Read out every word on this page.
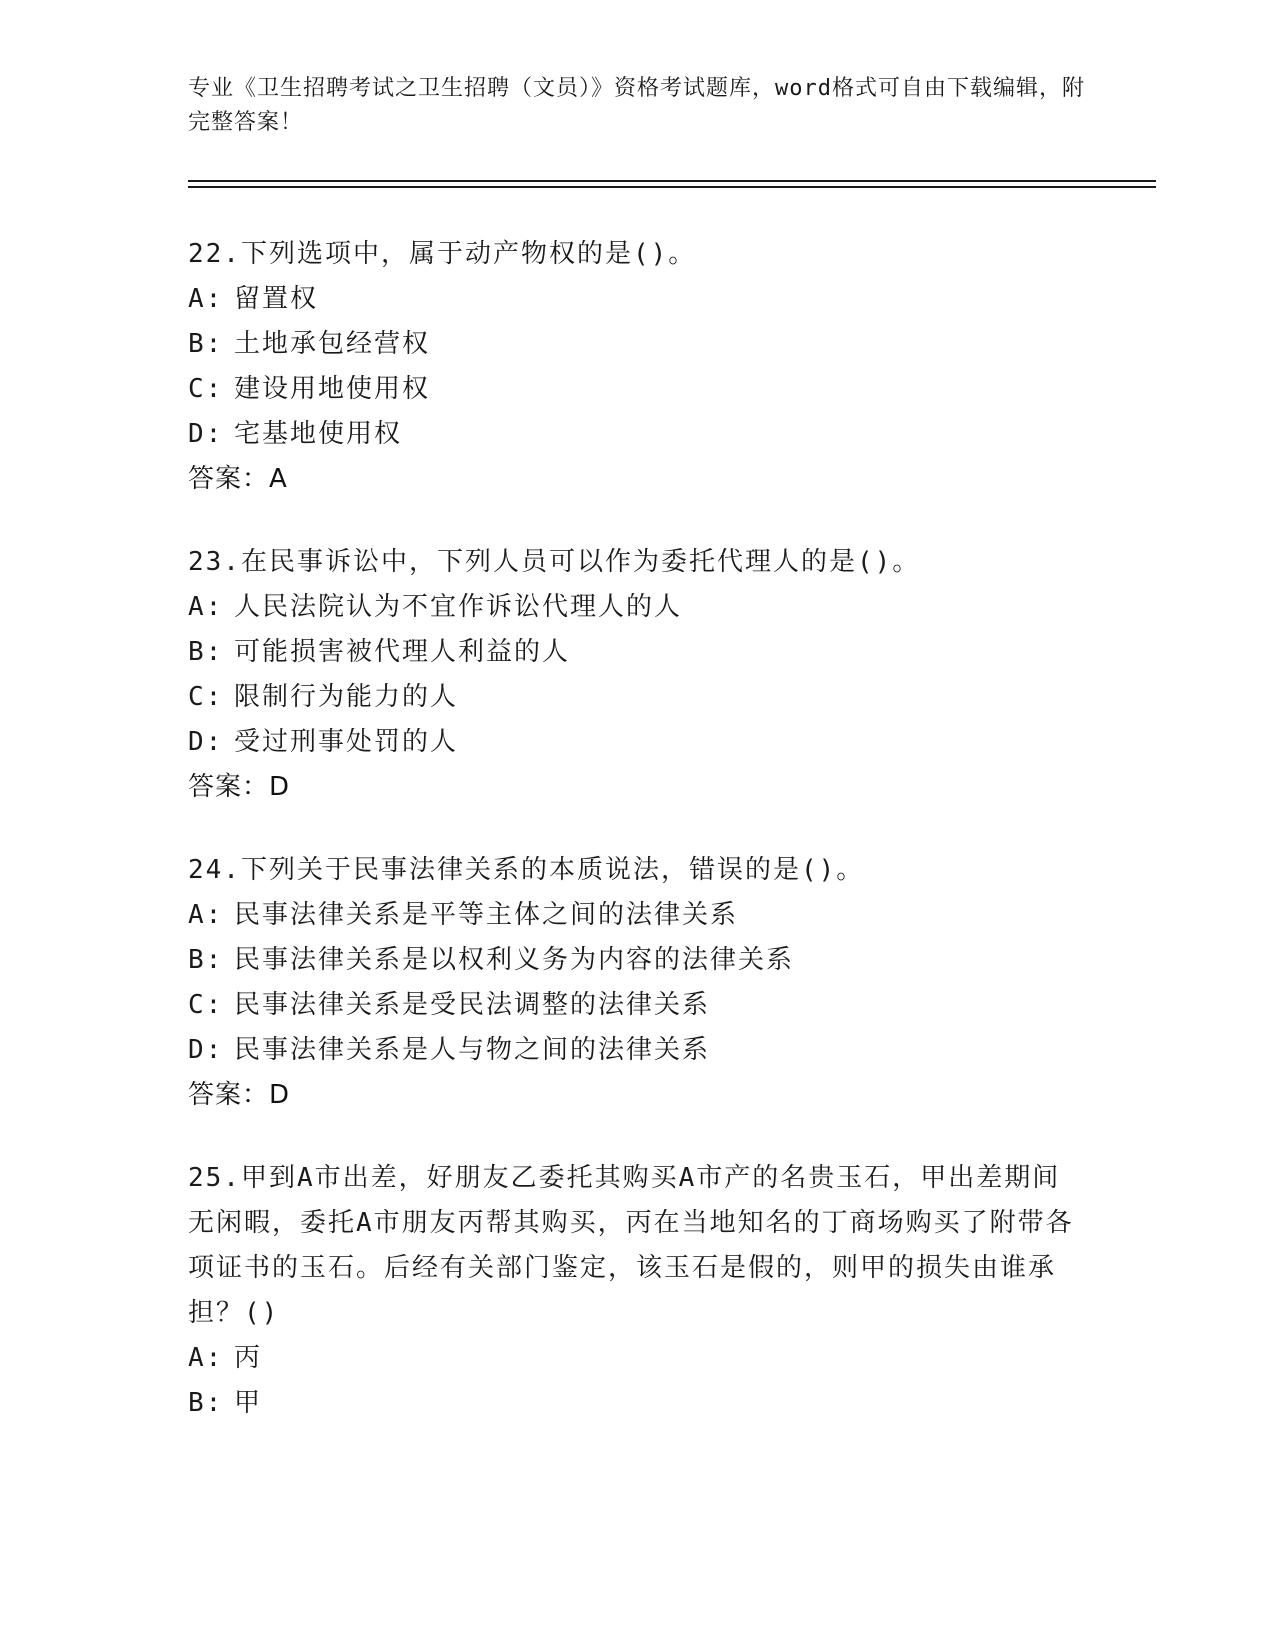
专业《卫生招聘考试之卫生招聘（文员）》资格考试题库，word格式可自由下载编辑，附完整答案！
22.下列选项中，属于动产物权的是()。
A: 留置权
B: 土地承包经营权
C: 建设用地使用权
D: 宅基地使用权
答案：A
23.在民事诉讼中，下列人员可以作为委托代理人的是()。
A: 人民法院认为不宜作诉讼代理人的人
B: 可能损害被代理人利益的人
C: 限制行为能力的人
D: 受过刑事处罚的人
答案：D
24.下列关于民事法律关系的本质说法，错误的是()。
A: 民事法律关系是平等主体之间的法律关系
B: 民事法律关系是以权利义务为内容的法律关系
C: 民事法律关系是受民法调整的法律关系
D: 民事法律关系是人与物之间的法律关系
答案：D
25.甲到A市出差，好朋友乙委托其购买A市产的名贵玉石，甲出差期间无闲暇，委托A市朋友丙帮其购买，丙在当地知名的丁商场购买了附带各项证书的玉石。后经有关部门鉴定，该玉石是假的，则甲的损失由谁承担？()
A: 丙
B: 甲
